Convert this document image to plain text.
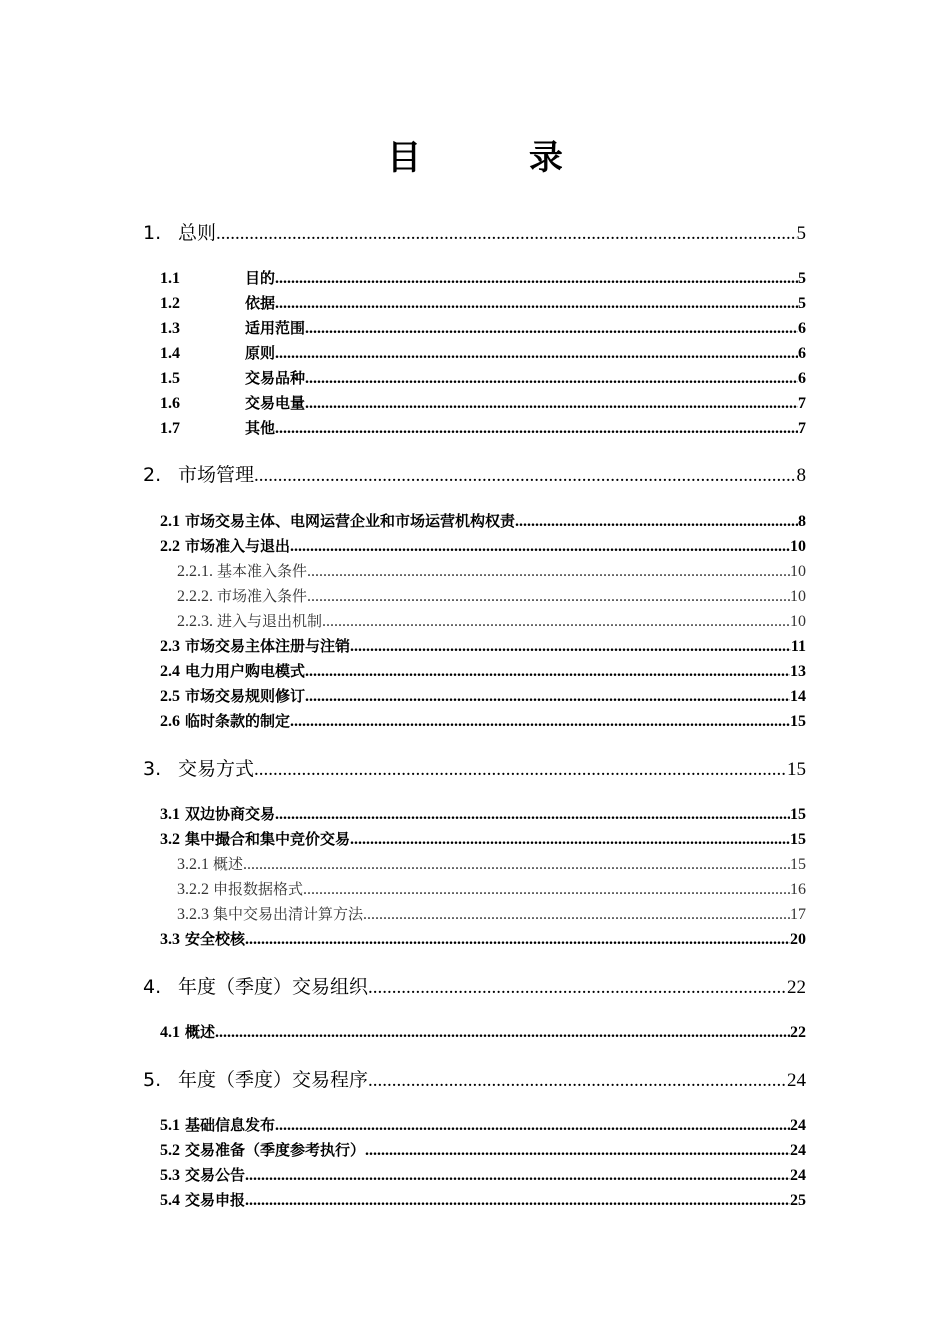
目 录
1. 总则 .....	5
1.1	目的 .....	5
1.2	依据 .....	5
1.3	适用范围 .....	6
1.4	原则 .....	6
1.5	交易品种 .....	6
1.6	交易电量 .....	7
1.7	其他 .....	7
2. 市场管理 .....	8
2.1 市场交易主体、电网运营企业和市场运营机构权责 .....	8
2.2 市场准入与退出 .....	10
2.2.1. 基本准入条件 .....	10
2.2.2. 市场准入条件 .....	10
2.2.3. 进入与退出机制 .....	10
2.3 市场交易主体注册与注销 .....	11
2.4 电力用户购电模式 .....	13
2.5 市场交易规则修订 .....	14
2.6 临时条款的制定 .....	15
3. 交易方式 .....	15
3.1 双边协商交易 .....	15
3.2 集中撮合和集中竞价交易 .....	15
3.2.1 概述 .....	15
3.2.2 申报数据格式 .....	16
3.2.3 集中交易出清计算方法 .....	17
3.3 安全校核 .....	20
4. 年度（季度）交易组织 .....	22
4.1 概述 .....	22
5. 年度（季度）交易程序 .....	24
5.1 基础信息发布 .....	24
5.2 交易准备（季度参考执行） .....	24
5.3 交易公告 .....	24
5.4 交易申报 .....	25
